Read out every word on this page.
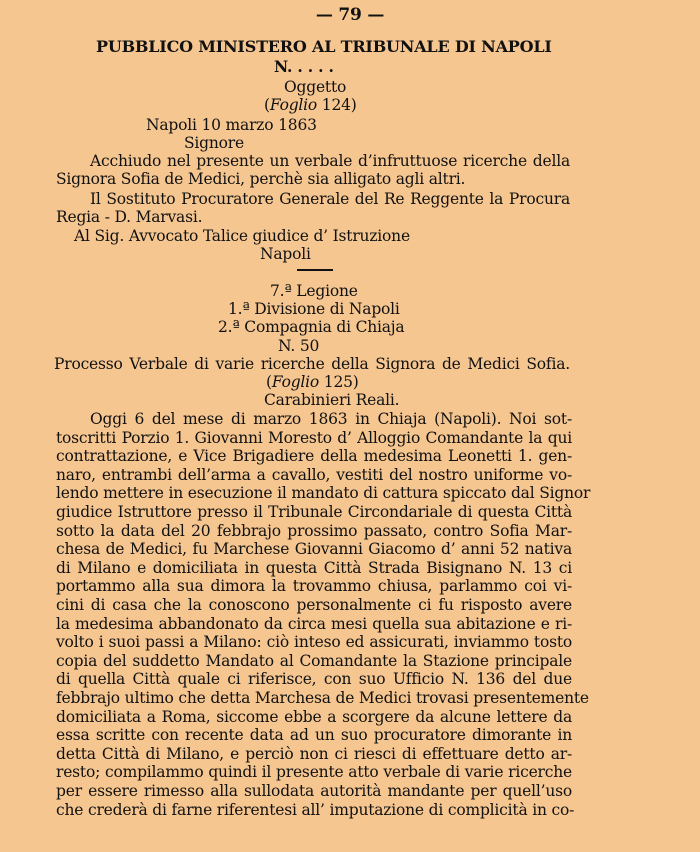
— 79 —
PUBBLICO MINISTERO AL TRIBUNALE DI NAPOLI
N. . . . .
Oggetto
(Foglio 124)
Napoli 10 marzo 1863
Signore
Acchiudo nel presente un verbale d’infruttuose ricerche della
Signora Sofia de Medici, perchè sia alligato agli altri.
Il Sostituto Procuratore Generale del Re Reggente la Procura
Regia - D. Marvasi.
Al Sig. Avvocato Talice giudice d’ Istruzione
Napoli
7.ª Legione
1.ª Divisione di Napoli
2.ª Compagnia di Chiaja
N. 50
Processo Verbale di varie ricerche della Signora de Medici Sofia.
(Foglio 125)
Carabinieri Reali.
Oggi 6 del mese di marzo 1863 in Chiaja (Napoli). Noi sot-
toscritti Porzio 1. Giovanni Moresto d’ Alloggio Comandante la qui
contrattazione, e Vice Brigadiere della medesima Leonetti 1. gen-
naro, entrambi dell’arma a cavallo, vestiti del nostro uniforme vo-
lendo mettere in esecuzione il mandato di cattura spiccato dal Signor
giudice Istruttore presso il Tribunale Circondariale di questa Città
sotto la data del 20 febbrajo prossimo passato, contro Sofia Mar-
chesa de Medici, fu Marchese Giovanni Giacomo d’ anni 52 nativa
di Milano e domiciliata in questa Città Strada Bisignano N. 13 ci
portammo alla sua dimora la trovammo chiusa, parlammo coi vi-
cini di casa che la conoscono personalmente ci fu risposto avere
la medesima abbandonato da circa mesi quella sua abitazione e ri-
volto i suoi passi a Milano: ciò inteso ed assicurati, inviammo tosto
copia del suddetto Mandato al Comandante la Stazione principale
di quella Città quale ci riferisce, con suo Ufficio N. 136 del due
febbrajo ultimo che detta Marchesa de Medici trovasi presentemente
domiciliata a Roma, siccome ebbe a scorgere da alcune lettere da
essa scritte con recente data ad un suo procuratore dimorante in
detta Città di Milano, e perciò non ci riesci di effettuare detto ar-
resto; compilammo quindi il presente atto verbale di varie ricerche
per essere rimesso alla sullodata autorità mandante per quell’uso
che crederà di farne riferentesi all’ imputazione di complicità in co-
